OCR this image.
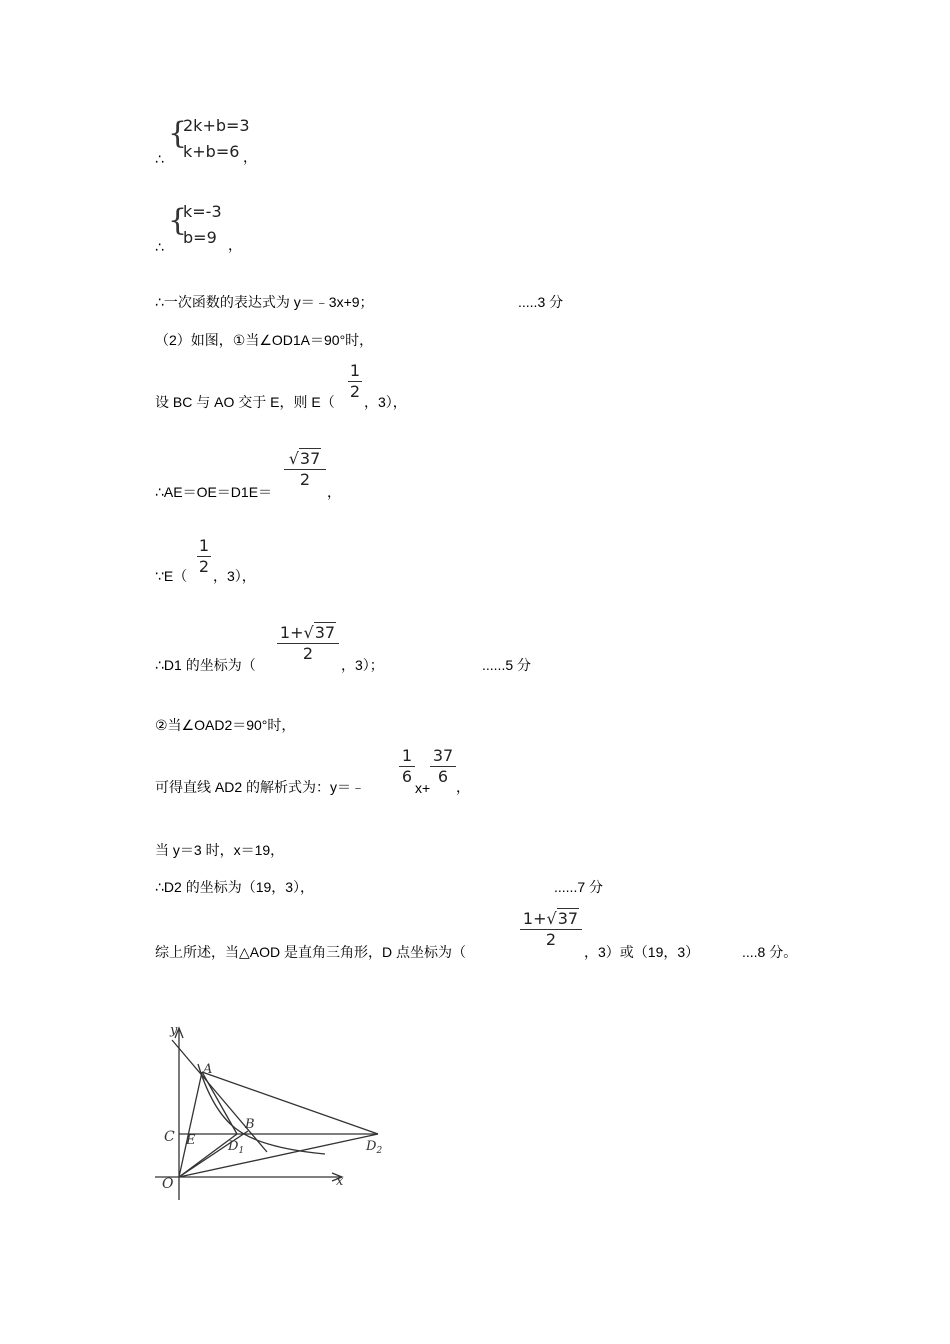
∴
{
2k+b=3
k+b=6 ，
∴
{
k=-3
b=9 ，
∴一次函数的表达式为 y＝﹣3x+9；	.....3 分
（2）如图，①当∠OD1A＝90°时，
设 BC 与 AO 交于 E，则 E（
1
2
，3），
∴AE＝OE＝D1E＝
√37
2
，
∵E（
1
2 ，3），
∴D1 的坐标为（
1+√37
2
，3）；	......5 分
②当∠OAD2＝90°时，
可得直线 AD2 的解析式为：y＝﹣
1
6
x+
37
6
，
当 y＝3 时，x＝19，
∴D2 的坐标为（19，3），	......7 分
综上所述，当△AOD 是直角三角形，D 点坐标为（
1+√37
2
，3）或（19，3）	....8 分。
y
x
O
C E
A
B
$D_1$	$D_2$
